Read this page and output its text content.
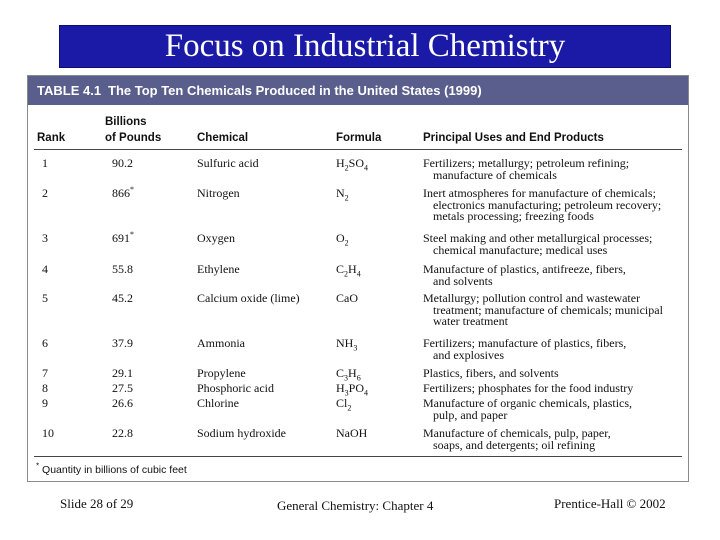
Focus on Industrial Chemistry
TABLE 4.1 The Top Ten Chemicals Produced in the United States (1999)
Billions
Rank	of Pounds	Chemical	Formula	Principal Uses and End Products
1	90.2	Sulfuric acid	$H_2SO_4$	Fertilizers; metallurgy; petroleum refining;
manufacture of chemicals
2	866*	Nitrogen	$N_2$	Inert atmospheres for manufacture of chemicals;
electronics manufacturing; petroleum recovery;
metals processing; freezing foods
3	691*	Oxygen	$O_2$	Steel making and other metallurgical processes;
chemical manufacture; medical uses
4	55.8	Ethylene	$C_2H_4$	Manufacture of plastics, antifreeze, fibers,
and solvents
5	45.2	Calcium oxide (lime)	CaO	Metallurgy; pollution control and wastewater
treatment; manufacture of chemicals; municipal
water treatment
6	37.9	Ammonia	$NH_3$	Fertilizers; manufacture of plastics, fibers,
and explosives
7	29.1	Propylene	$C_3H_6$	Plastics, fibers, and solvents
8	27.5	Phosphoric acid	$H_3PO_4$	Fertilizers; phosphates for the food industry
9	26.6	Chlorine	$Cl_2$	Manufacture of organic chemicals, plastics,
pulp, and paper
10	22.8	Sodium hydroxide	NaOH	Manufacture of chemicals, pulp, paper,
soaps, and detergents; oil refining
* Quantity in billions of cubic feet
Slide 28 of 29	General Chemistry: Chapter 4	Prentice-Hall © 2002
